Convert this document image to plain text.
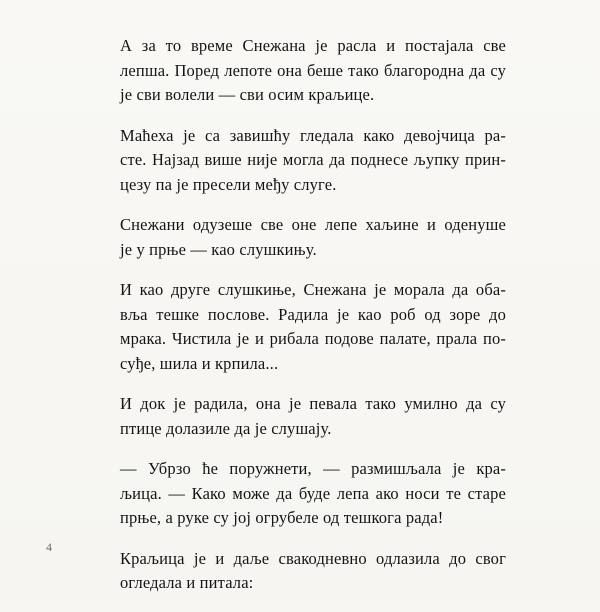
А за то време Снежана је расла и постајала све
лепша. Поред лепоте она беше тако благородна да су
је сви волели — сви осим краљице.

Маћеха је са завишћу гледала како девојчица ра-
сте. Најзад више није могла да поднесе љупку прин-
цезу па је пресели међу слуге.

Снежани одузеше све оне лепе хаљине и оденуше
је у прње — као слушкињу.

И као друге слушкиње, Снежана је морала да оба-
вља тешке послове. Радила је као роб од зоре до
мрака. Чистила је и рибала подове палате, прала по-
суђе, шила и крпила...

И док је радила, она је певала тако умилно да су
птице долазиле да је слушају.

— Убрзо ће поружнети, — размишљала је кра-
љица. — Како може да буде лепа ако носи те старе
прње, а руке су јој огрубеле од тешкога рада!

Краљица је и даље свакодневно одлазила до свог
огледала и питала:

4
